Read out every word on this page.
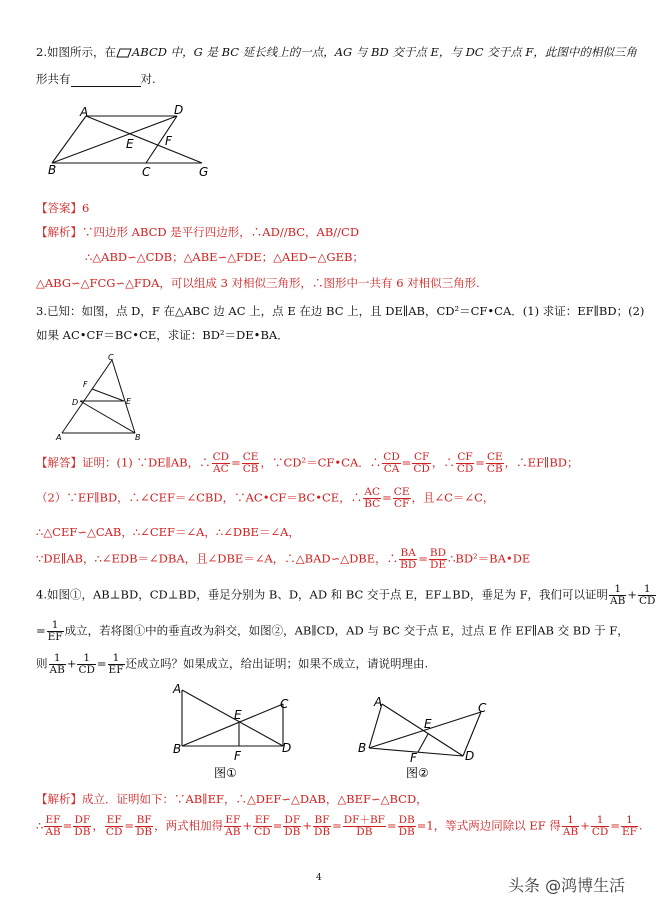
2.如图所示，在 ABCD 中，G 是 BC 延长线上的一点，AG 与 BD 交于点 E，与 DC 交于点 F，此图中的相似三角
形共有	对.
A	D
E	F
B	C	G
【答案】6
【解析】∵四边形 ABCD 是平行四边形，∴AD//BC，AB//CD
∴△ABD∽△CDB；△ABE∽△FDE；△AED∽△GEB；
△ABG∽△FCG∽△FDA，可以组成 3 对相似三角形，∴图形中一共有 6 对相似三角形.
3.已知：如图，点 D，F 在△ABC 边 AC 上，点 E 在边 BC 上，且 DE∥AB，CD²＝CF•CA．(1) 求证：EF∥BD；(2)
如果 AC•CF＝BC•CE，求证：BD²＝DE•BA．
C
F
D	E
A	B
【解答】证明：(1) ∵DE∥AB，∴ $\frac{CD}{AC} = \frac{CE}{CB}$ ，∵CD²＝CF•CA．∴ $\frac{CD}{CA} = \frac{CF}{CD}$ ，∴ $\frac{CF}{CD} = \frac{CE}{CB}$ ，∴EF∥BD；
（2）∵EF∥BD，∴∠CEF＝∠CBD，∵AC•CF＝BC•CE，∴ $\frac{AC}{BC} = \frac{CE}{CF}$ ，且∠C＝∠C，
∴△CEF∽△CAB，∴∠CEF＝∠A，∴∠DBE＝∠A，
∵DE∥AB，∴∠EDB＝∠DBA，且∠DBE＝∠A，∴△BAD∽△DBE，∴ $\frac{BA}{BD} = \frac{BD}{DE}$ ∴BD²＝BA•DE
4.如图①，AB⊥BD，CD⊥BD，垂足分别为 B、D，AD 和 BC 交于点 E，EF⊥BD，垂足为 F，我们可以证明 $\frac{1}{AB} + \frac{1}{CD}$
= $\frac{1}{EF}$ 成立，若将图①中的垂直改为斜交，如图②，AB∥CD，AD 与 BC 交于点 E，过点 E 作 EF∥AB 交 BD 于 F，
则 $\frac{1}{AB} + \frac{1}{CD} = \frac{1}{EF}$ 还成立吗？如果成立，给出证明；如果不成立，请说明理由.
A
C
E
B	D
F
图①
A	C
E
B
D
F
图②
【解析】成立．证明如下：∵AB∥EF，∴△DEF∽△DAB，△BEF∽△BCD，
∴ $\frac{EF}{AB} = \frac{DF}{DB}$ ， $\frac{EF}{CD} = \frac{BF}{DB}$ ，两式相加得 $\frac{EF}{AB} + \frac{EF}{CD} = \frac{DF}{DB} + \frac{BF}{DB} = \frac{DF+BF}{DB} = \frac{DB}{DB} =1$，等式两边同除以 EF 得 $\frac{1}{AB} + \frac{1}{CD} = \frac{1}{EF}$ .
4	头条 @鸿博生活
